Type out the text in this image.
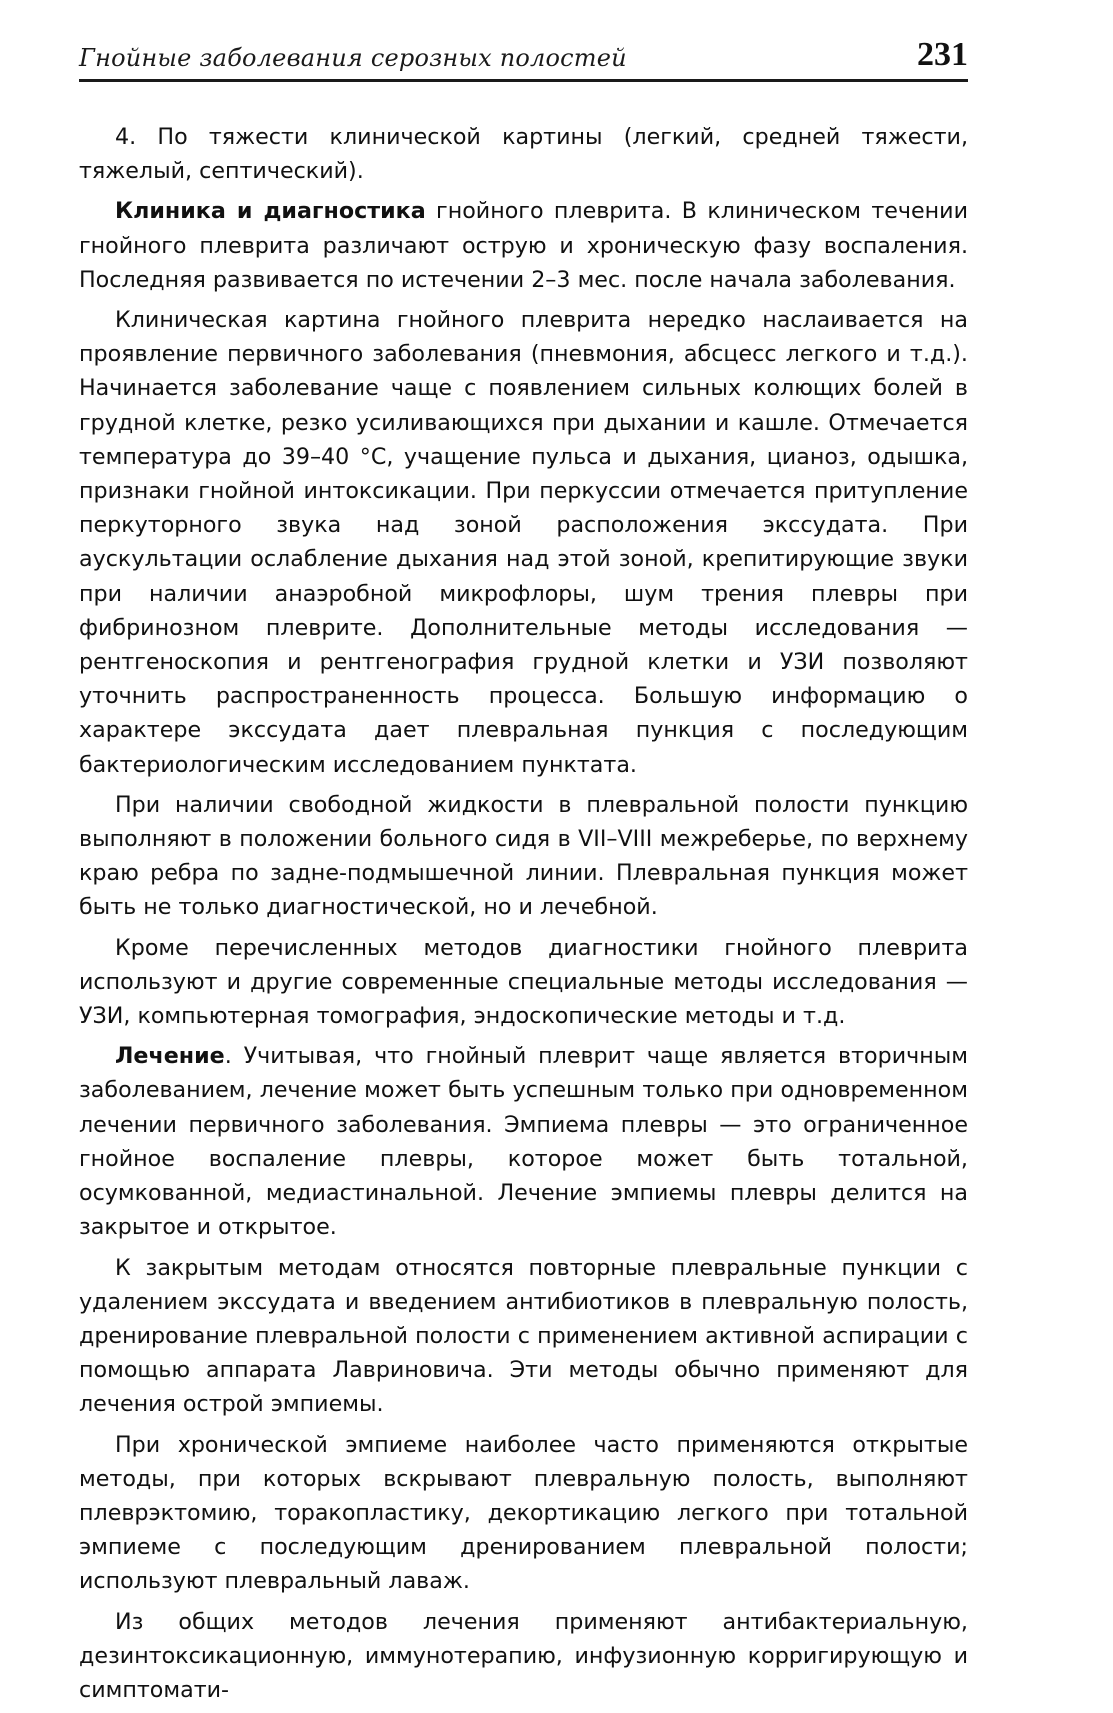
Гнойные заболевания серозных полостей	231

4. По тяжести клинической картины (легкий, средней тяжести, тяжелый, септический).

Клиника и диагностика гнойного плеврита. В клиническом течении гнойного плеврита различают острую и хроническую фазу воспаления. Последняя развивается по истечении 2–3 мес. после начала заболевания.

Клиническая картина гнойного плеврита нередко наслаивается на проявление первичного заболевания (пневмония, абсцесс легкого и т.д.). Начинается заболевание чаще с появлением сильных колющих болей в грудной клетке, резко усиливающихся при дыхании и кашле. Отмечается температура до 39–40 °С, учащение пульса и дыхания, цианоз, одышка, признаки гнойной интоксикации. При перкуссии отмечается притупление перкуторного звука над зоной расположения экссудата. При аускультации ослабление дыхания над этой зоной, крепитирующие звуки при наличии анаэробной микрофлоры, шум трения плевры при фибринозном плеврите. Дополнительные методы исследования — рентгеноскопия и рентгенография грудной клетки и УЗИ позволяют уточнить распространенность процесса. Большую информацию о характере экссудата дает плевральная пункция с последующим бактериологическим исследованием пунктата.

При наличии свободной жидкости в плевральной полости пункцию выполняют в положении больного сидя в VII–VIII межреберье, по верхнему краю ребра по задне-подмышечной линии. Плевральная пункция может быть не только диагностической, но и лечебной.

Кроме перечисленных методов диагностики гнойного плеврита используют и другие современные специальные методы исследования — УЗИ, компьютерная томография, эндоскопические методы и т.д.

Лечение. Учитывая, что гнойный плеврит чаще является вторичным заболеванием, лечение может быть успешным только при одновременном лечении первичного заболевания. Эмпиема плевры — это ограниченное гнойное воспаление плевры, которое может быть тотальной, осумкованной, медиастинальной. Лечение эмпиемы плевры делится на закрытое и открытое.

К закрытым методам относятся повторные плевральные пункции с удалением экссудата и введением антибиотиков в плевральную полость, дренирование плевральной полости с применением активной аспирации с помощью аппарата Лавриновича. Эти методы обычно применяют для лечения острой эмпиемы.

При хронической эмпиеме наиболее часто применяются открытые методы, при которых вскрывают плевральную полость, выполняют плеврэктомию, торакопластику, декортикацию легкого при тотальной эмпиеме с последующим дренированием плевральной полости; используют плевральный лаваж.

Из общих методов лечения применяют антибактериальную, дезинтоксикационную, иммунотерапию, инфузионную корригирующую и симптомати-
